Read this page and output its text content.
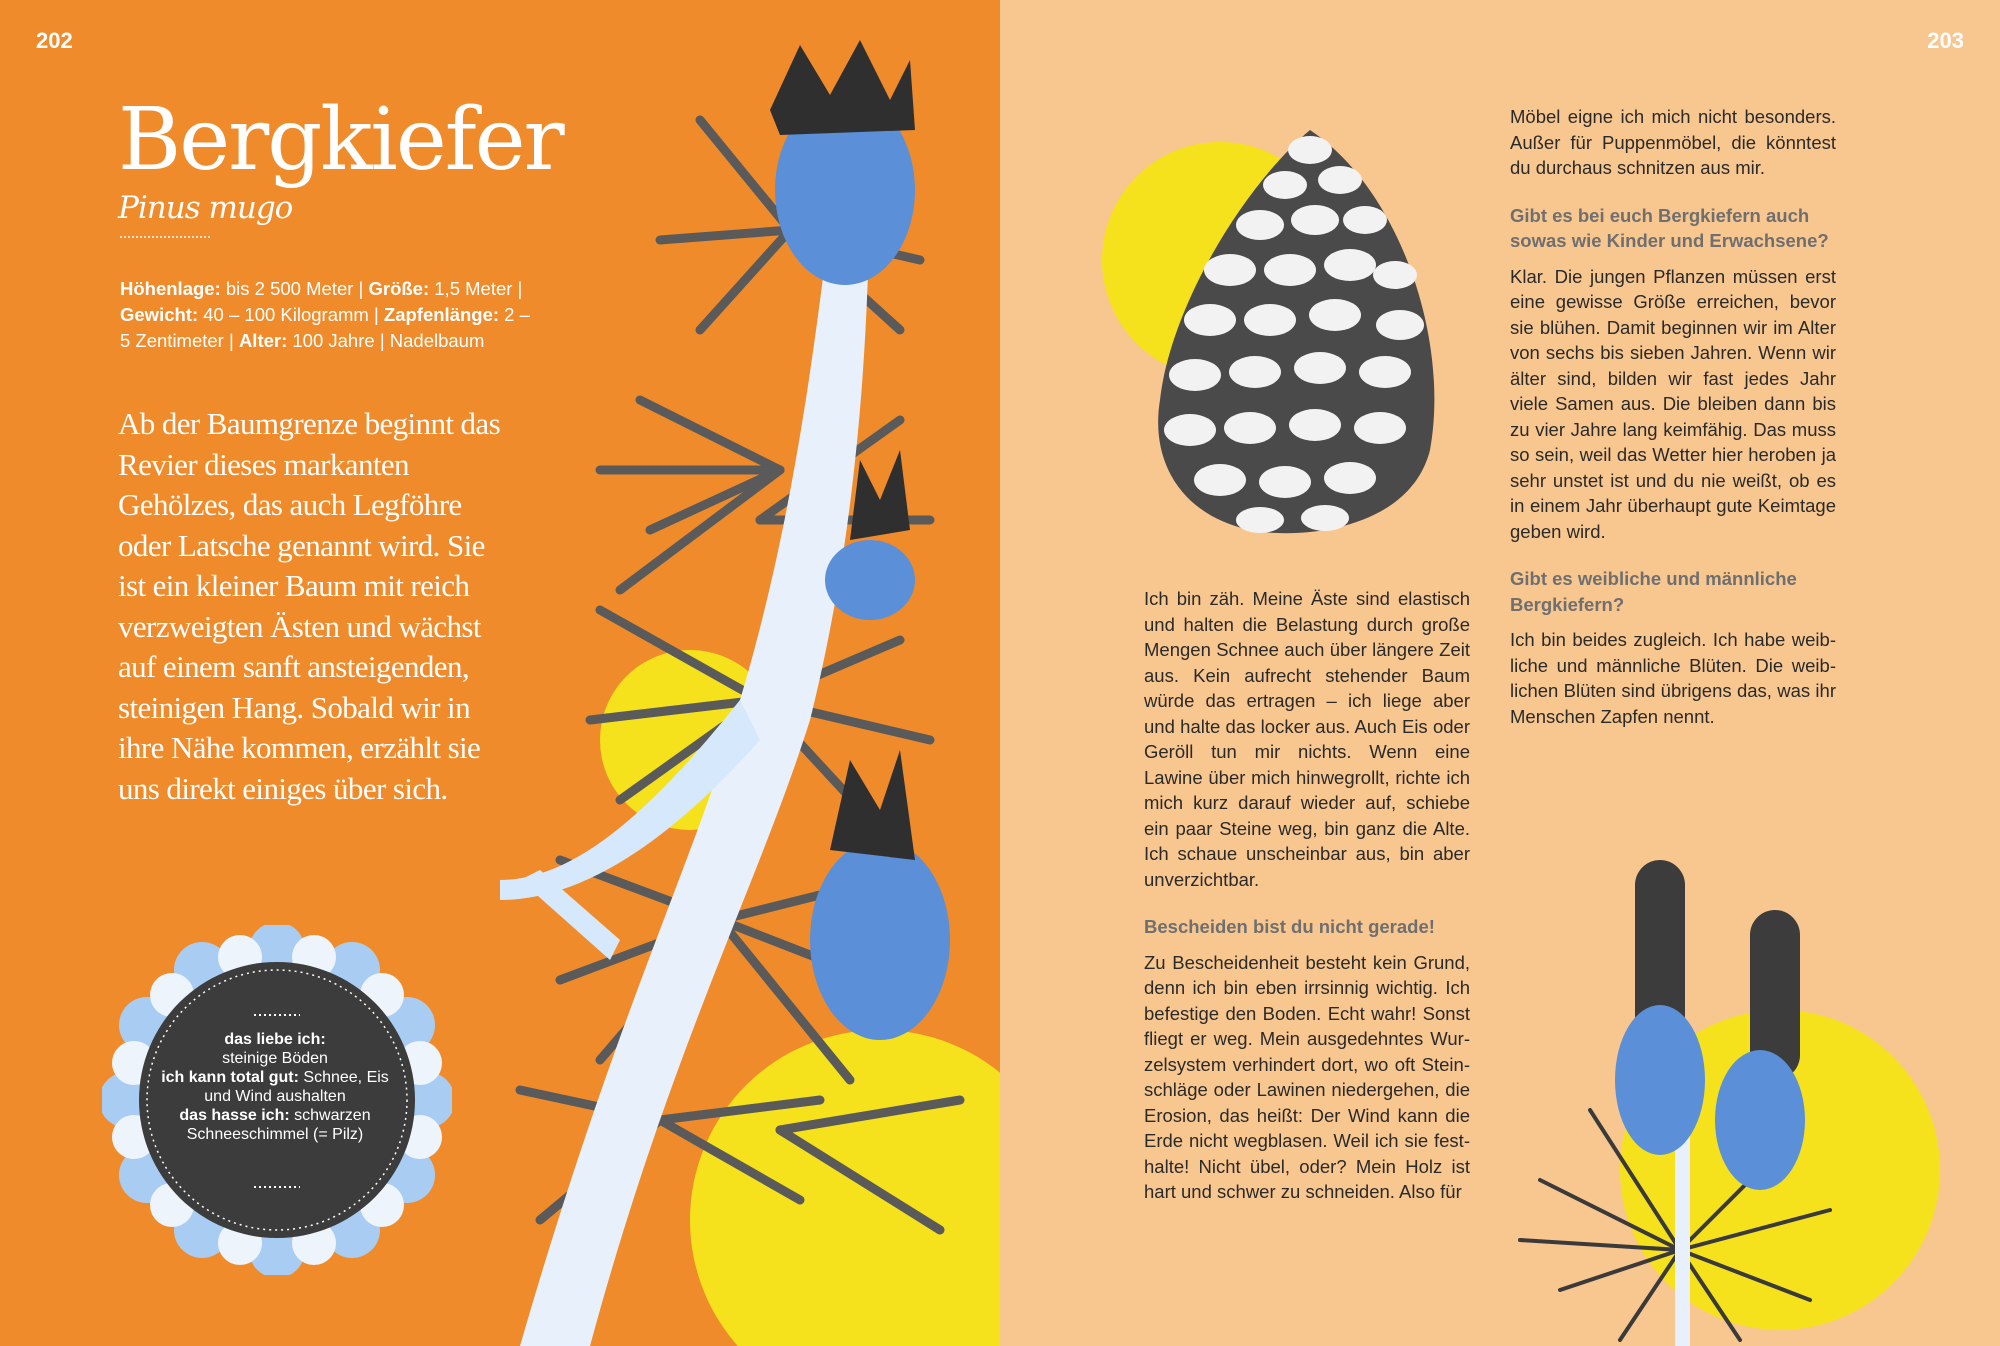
202
Bergkiefer
Pinus mugo
Höhenlage: bis 2 500 Meter | Größe: 1,5 Meter | Gewicht: 40 – 100 Kilogramm | Zapfenlänge: 2 – 5 Zentimeter | Alter: 100 Jahre | Nadelbaum
Ab der Baumgrenze beginnt das Revier dieses markanten Gehölzes, das auch Legföhre oder Latsche genannt wird. Sie ist ein kleiner Baum mit reich verzweigten Ästen und wächst auf einem sanft ansteigenden, steinigen Hang. Sobald wir in ihre Nähe kommen, erzählt sie uns direkt einiges über sich.
das liebe ich:
steinige Böden
ich kann total gut: Schnee, Eis und Wind aushalten
das hasse ich: schwarzen Schneeschimmel (= Pilz)
203

Ich bin zäh. Meine Äste sind elastisch und halten die Belastung durch große Mengen Schnee auch über längere Zeit aus. Kein aufrecht stehender Baum würde das ertragen – ich liege aber und halte das locker aus. Auch Eis oder Geröll tun mir nichts. Wenn eine Lawine über mich hinwegrollt, richte ich mich kurz darauf wieder auf, schiebe ein paar Steine weg, bin ganz die Alte. Ich schaue unscheinbar aus, bin aber unverzichtbar.

Bescheiden bist du nicht gerade!

Zu Bescheidenheit besteht kein Grund, denn ich bin eben irrsinnig wichtig. Ich befestige den Boden. Echt wahr! Sonst fliegt er weg. Mein ausgedehntes Wurzelsystem verhindert dort, wo oft Steinschläge oder Lawinen niedergehen, die Erosion, das heißt: Der Wind kann die Erde nicht wegblasen. Weil ich sie festhalte! Nicht übel, oder? Mein Holz ist hart und schwer zu schneiden. Also für

Möbel eigne ich mich nicht besonders. Außer für Puppenmöbel, die könntest du durchaus schnitzen aus mir.

Gibt es bei euch Bergkiefern auch sowas wie Kinder und Erwachsene?

Klar. Die jungen Pflanzen müssen erst eine gewisse Größe erreichen, bevor sie blühen. Damit beginnen wir im Alter von sechs bis sieben Jahren. Wenn wir älter sind, bilden wir fast jedes Jahr viele Samen aus. Die bleiben dann bis zu vier Jahre lang keimfähig. Das muss so sein, weil das Wetter hier heroben ja sehr unstet ist und du nie weißt, ob es in einem Jahr überhaupt gute Keimtage geben wird.

Gibt es weibliche und männliche Bergkiefern?

Ich bin beides zugleich. Ich habe weibliche und männliche Blüten. Die weiblichen Blüten sind übrigens das, was ihr Menschen Zapfen nennt.
